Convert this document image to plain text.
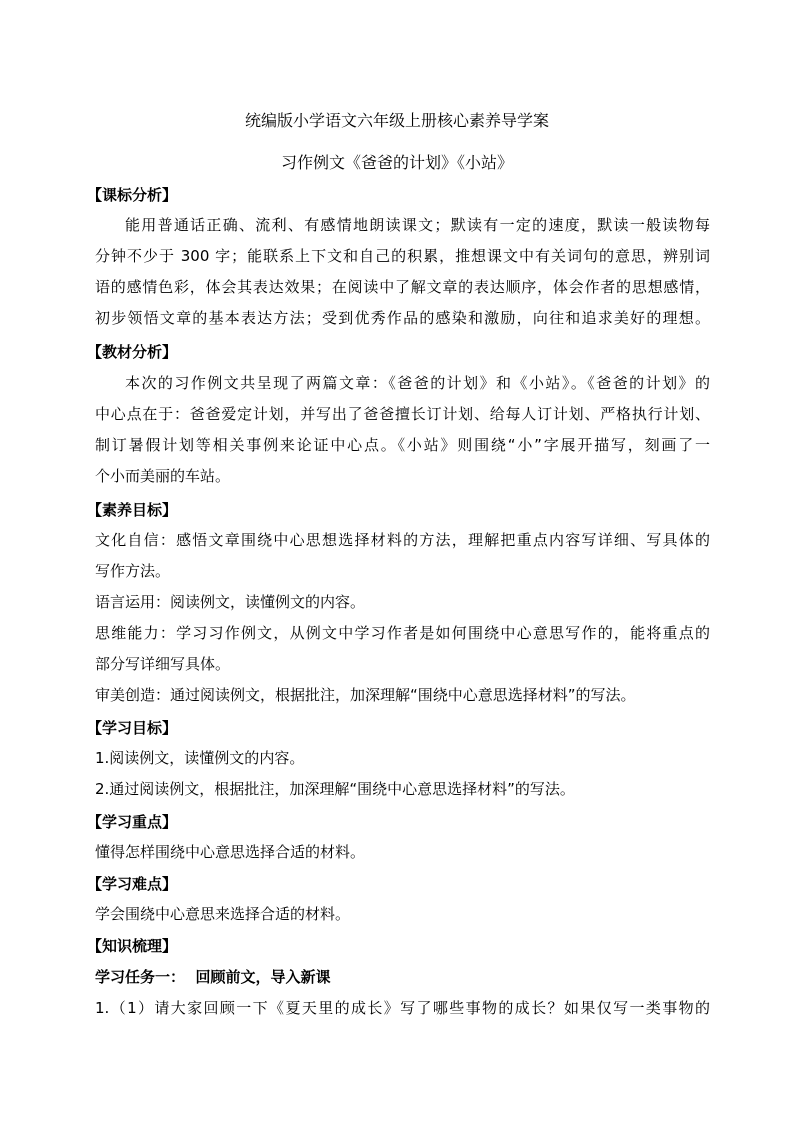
统编版小学语文六年级上册核心素养导学案
习作例文《爸爸的计划》《小站》
【课标分析】
能用普通话正确、流利、有感情地朗读课文；默读有一定的速度，默读一般读物每
分钟不少于 300 字；能联系上下文和自己的积累，推想课文中有关词句的意思，辨别词
语的感情色彩，体会其表达效果；在阅读中了解文章的表达顺序，体会作者的思想感情，
初步领悟文章的基本表达方法；受到优秀作品的感染和激励，向往和追求美好的理想。
【教材分析】
本次的习作例文共呈现了两篇文章：《爸爸的计划》和《小站》。《爸爸的计划》的
中心点在于：爸爸爱定计划，并写出了爸爸擅长订计划、给每人订计划、严格执行计划、
制订暑假计划等相关事例来论证中心点。《小站》则围绕“小”字展开描写，刻画了一
个小而美丽的车站。
【素养目标】
文化自信：感悟文章围绕中心思想选择材料的方法，理解把重点内容写详细、写具体的
写作方法。
语言运用：阅读例文，读懂例文的内容。
思维能力：学习习作例文，从例文中学习作者是如何围绕中心意思写作的，能将重点的
部分写详细写具体。
审美创造：通过阅读例文，根据批注，加深理解“围绕中心意思选择材料”的写法。
【学习目标】
1.阅读例文，读懂例文的内容。
2.通过阅读例文，根据批注，加深理解“围绕中心意思选择材料”的写法。
【学习重点】
懂得怎样围绕中心意思选择合适的材料。
【学习难点】
学会围绕中心意思来选择合适的材料。
【知识梳理】
学习任务一：  回顾前文，导入新课
1.（1）请大家回顾一下《夏天里的成长》写了哪些事物的成长？如果仅写一类事物的
